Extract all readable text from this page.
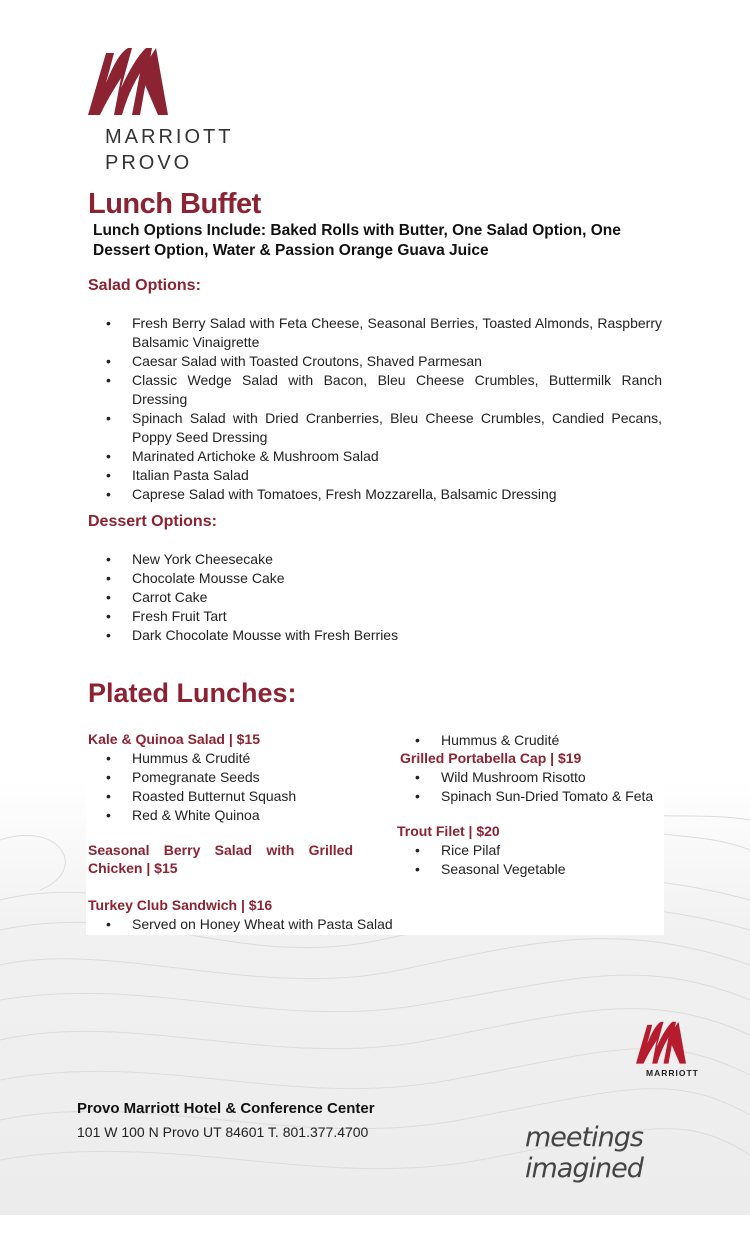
MARRIOTT
PROVO
Lunch Buffet
Lunch Options Include: Baked Rolls with Butter, One Salad Option, One Dessert Option, Water & Passion Orange Guava Juice
Salad Options:
• Fresh Berry Salad with Feta Cheese, Seasonal Berries, Toasted Almonds, Raspberry Balsamic Vinaigrette
• Caesar Salad with Toasted Croutons, Shaved Parmesan
• Classic Wedge Salad with Bacon, Bleu Cheese Crumbles, Buttermilk Ranch Dressing
• Spinach Salad with Dried Cranberries, Bleu Cheese Crumbles, Candied Pecans, Poppy Seed Dressing
• Marinated Artichoke & Mushroom Salad
• Italian Pasta Salad
• Caprese Salad with Tomatoes, Fresh Mozzarella, Balsamic Dressing
Dessert Options:
• New York Cheesecake
• Chocolate Mousse Cake
• Carrot Cake
• Fresh Fruit Tart
• Dark Chocolate Mousse with Fresh Berries
Plated Lunches:
Kale & Quinoa Salad | $15
• Hummus & Crudité
• Pomegranate Seeds
• Roasted Butternut Squash
• Red & White Quinoa
Seasonal Berry Salad with Grilled Chicken | $15
• Hummus & Crudité
Grilled Portabella Cap | $19
• Wild Mushroom Risotto
• Spinach Sun-Dried Tomato & Feta
Trout Filet | $20
• Rice Pilaf
• Seasonal Vegetable
Turkey Club Sandwich | $16
• Served on Honey Wheat with Pasta Salad
MARRIOTT
Provo Marriott Hotel & Conference Center
101 W 100 N Provo UT 84601 T. 801.377.4700	meetings imagined
